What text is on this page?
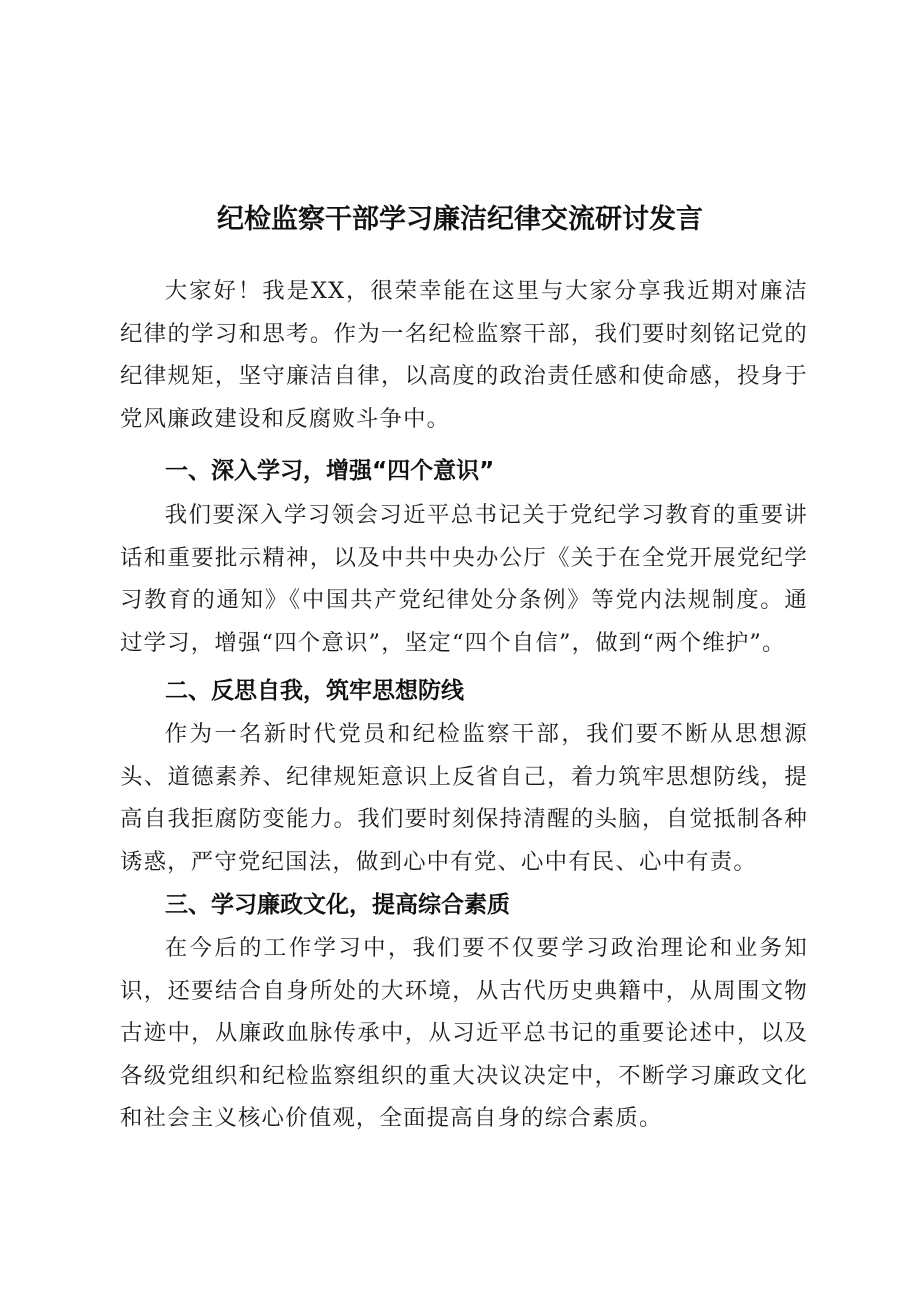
纪检监察干部学习廉洁纪律交流研讨发言

大家好！我是XX，很荣幸能在这里与大家分享我近期对廉洁纪律的学习和思考。作为一名纪检监察干部，我们要时刻铭记党的纪律规矩，坚守廉洁自律，以高度的政治责任感和使命感，投身于党风廉政建设和反腐败斗争中。

一、深入学习，增强“四个意识”

我们要深入学习领会习近平总书记关于党纪学习教育的重要讲话和重要批示精神，以及中共中央办公厅《关于在全党开展党纪学习教育的通知》《中国共产党纪律处分条例》等党内法规制度。通过学习，增强“四个意识”，坚定“四个自信”，做到“两个维护”。

二、反思自我，筑牢思想防线

作为一名新时代党员和纪检监察干部，我们要不断从思想源头、道德素养、纪律规矩意识上反省自己，着力筑牢思想防线，提高自我拒腐防变能力。我们要时刻保持清醒的头脑，自觉抵制各种诱惑，严守党纪国法，做到心中有党、心中有民、心中有责。

三、学习廉政文化，提高综合素质

在今后的工作学习中，我们要不仅要学习政治理论和业务知识，还要结合自身所处的大环境，从古代历史典籍中，从周围文物古迹中，从廉政血脉传承中，从习近平总书记的重要论述中，以及各级党组织和纪检监察组织的重大决议决定中，不断学习廉政文化和社会主义核心价值观，全面提高自身的综合素质。
